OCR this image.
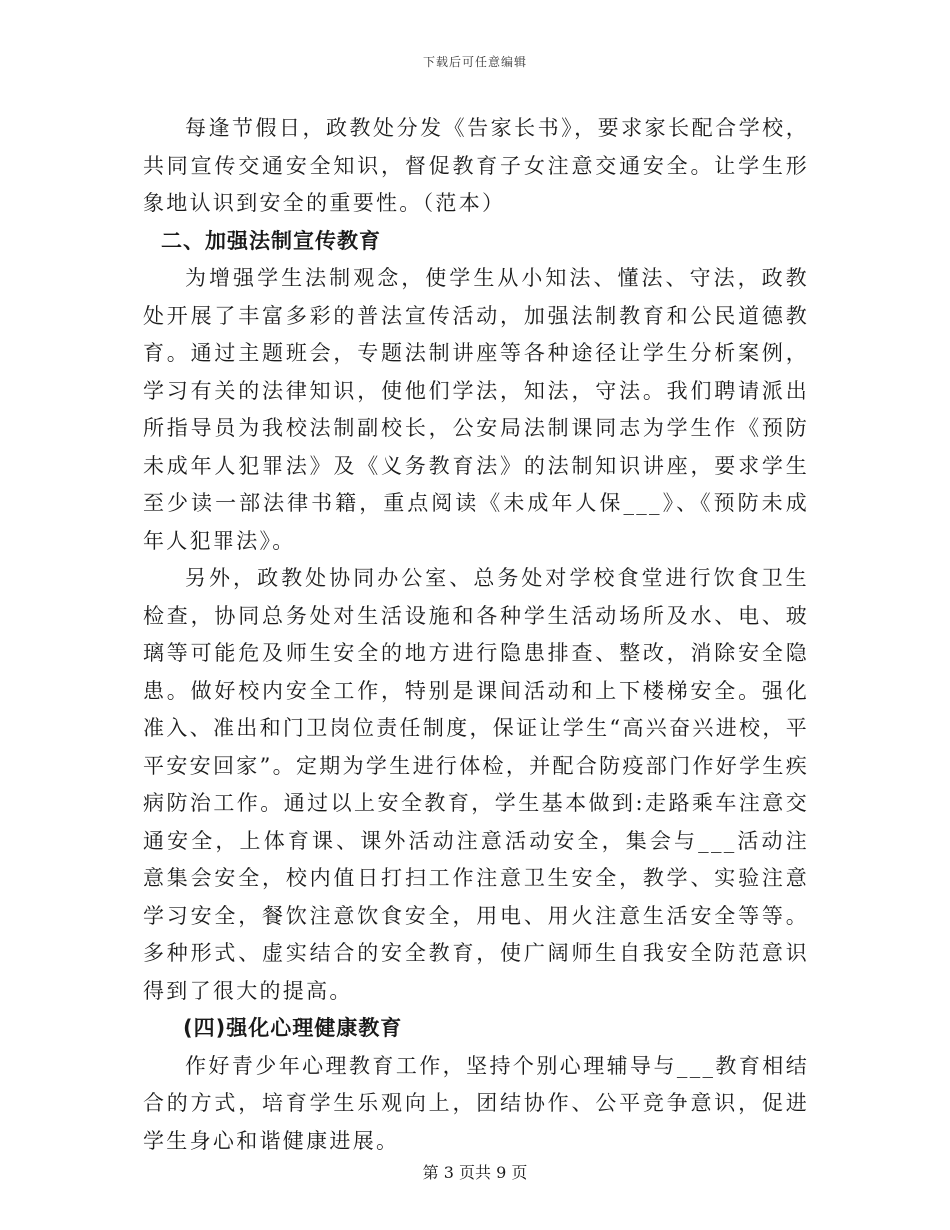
下载后可任意编辑

每逢节假日，政教处分发《告家长书》，要求家长配合学校，共同宣传交通安全知识，督促教育子女注意交通安全。让学生形象地认识到安全的重要性。（范本）

二、加强法制宣传教育

为增强学生法制观念，使学生从小知法、懂法、守法，政教处开展了丰富多彩的普法宣传活动，加强法制教育和公民道德教育。通过主题班会，专题法制讲座等各种途径让学生分析案例，学习有关的法律知识，使他们学法，知法，守法。我们聘请派出所指导员为我校法制副校长，公安局法制课同志为学生作《预防未成年人犯罪法》及《义务教育法》的法制知识讲座，要求学生至少读一部法律书籍，重点阅读《未成年人保___》、《预防未成年人犯罪法》。

另外，政教处协同办公室、总务处对学校食堂进行饮食卫生检查，协同总务处对生活设施和各种学生活动场所及水、电、玻璃等可能危及师生安全的地方进行隐患排查、整改，消除安全隐患。做好校内安全工作，特别是课间活动和上下楼梯安全。强化准入、准出和门卫岗位责任制度，保证让学生“高兴奋兴进校，平平安安回家”。定期为学生进行体检，并配合防疫部门作好学生疾病防治工作。通过以上安全教育，学生基本做到:走路乘车注意交通安全，上体育课、课外活动注意活动安全，集会与___活动注意集会安全，校内值日打扫工作注意卫生安全，教学、实验注意学习安全，餐饮注意饮食安全，用电、用火注意生活安全等等。多种形式、虚实结合的安全教育，使广阔师生自我安全防范意识得到了很大的提高。

(四)强化心理健康教育

作好青少年心理教育工作，坚持个别心理辅导与___教育相结合的方式，培育学生乐观向上，团结协作、公平竞争意识，促进学生身心和谐健康进展。

第 3 页共 9 页
